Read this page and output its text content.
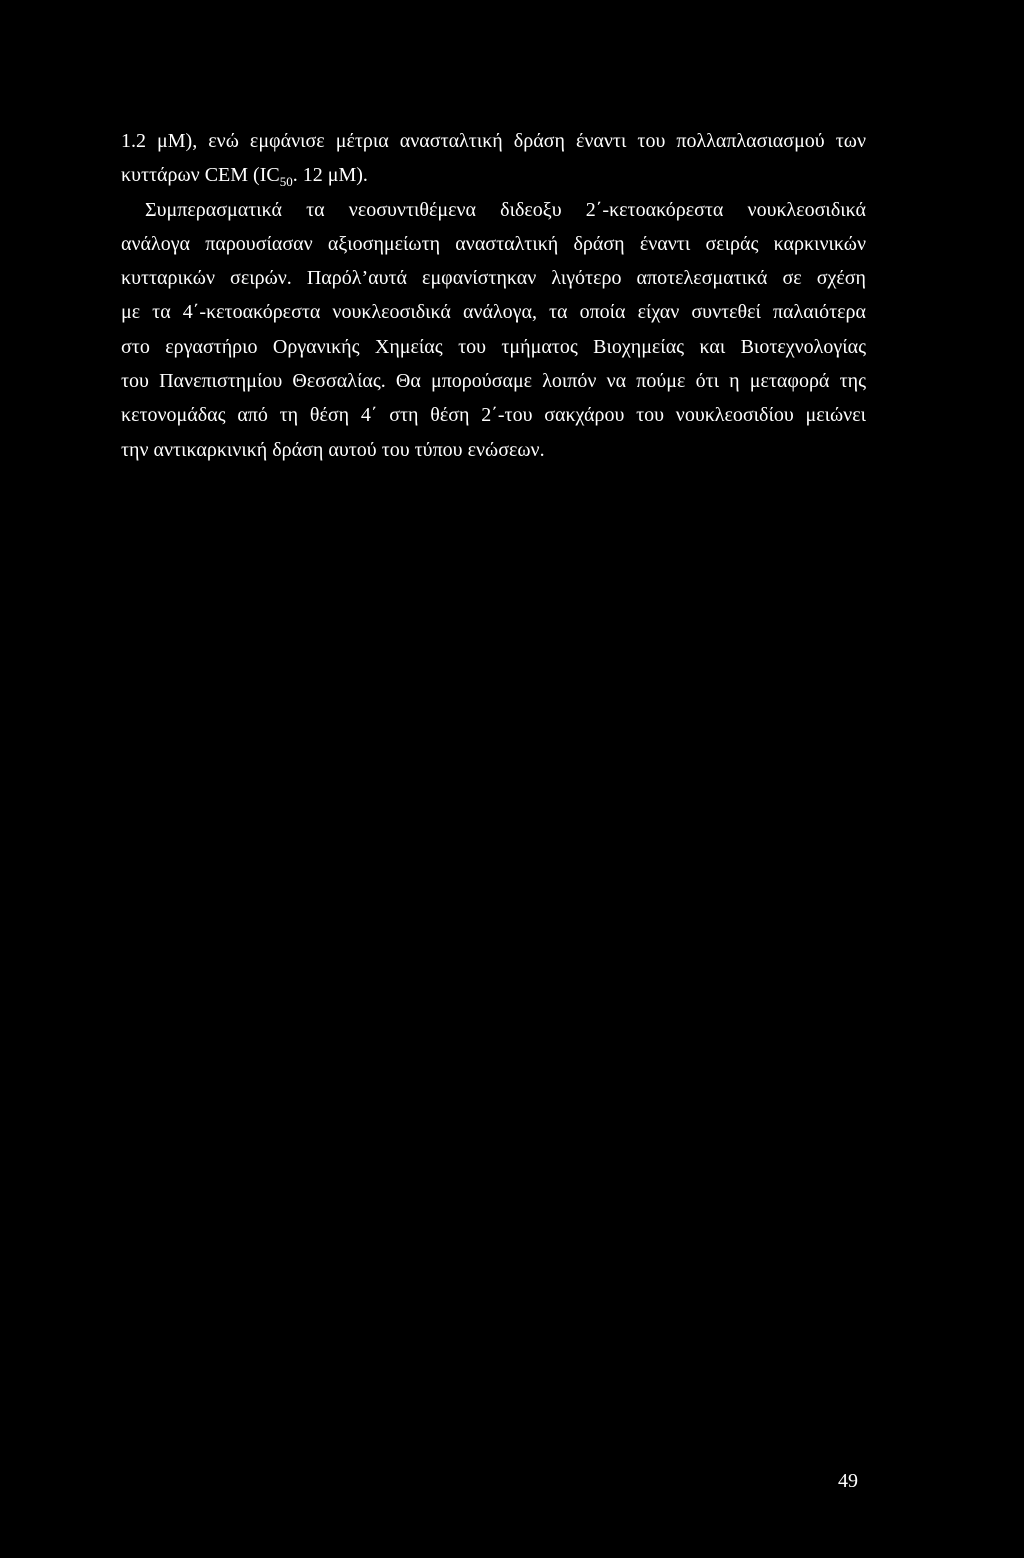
1.2 μΜ), ενώ εμφάνισε μέτρια ανασταλτική δράση έναντι του πολλαπλασιασμού των
κυττάρων CEM ($IC_{50}$. 12 μΜ).
Συμπερασματικά τα νεοσυντιθέμενα διδεοξυ 2΄-κετοακόρεστα νουκλεοσιδικά
ανάλογα παρουσίασαν αξιοσημείωτη ανασταλτική δράση έναντι σειράς καρκινικών
κυτταρικών σειρών. Παρόλ’αυτά εμφανίστηκαν λιγότερο αποτελεσματικά σε σχέση
με τα 4΄-κετοακόρεστα νουκλεοσιδικά ανάλογα, τα οποία είχαν συντεθεί παλαιότερα
στο εργαστήριο Οργανικής Χημείας του τμήματος Βιοχημείας και Βιοτεχνολογίας
του Πανεπιστημίου Θεσσαλίας. Θα μπορούσαμε λοιπόν να πούμε ότι η μεταφορά της
κετονομάδας από τη θέση 4΄ στη θέση 2΄-του σακχάρου του νουκλεοσιδίου μειώνει
την αντικαρκινική δράση αυτού του τύπου ενώσεων.
49
